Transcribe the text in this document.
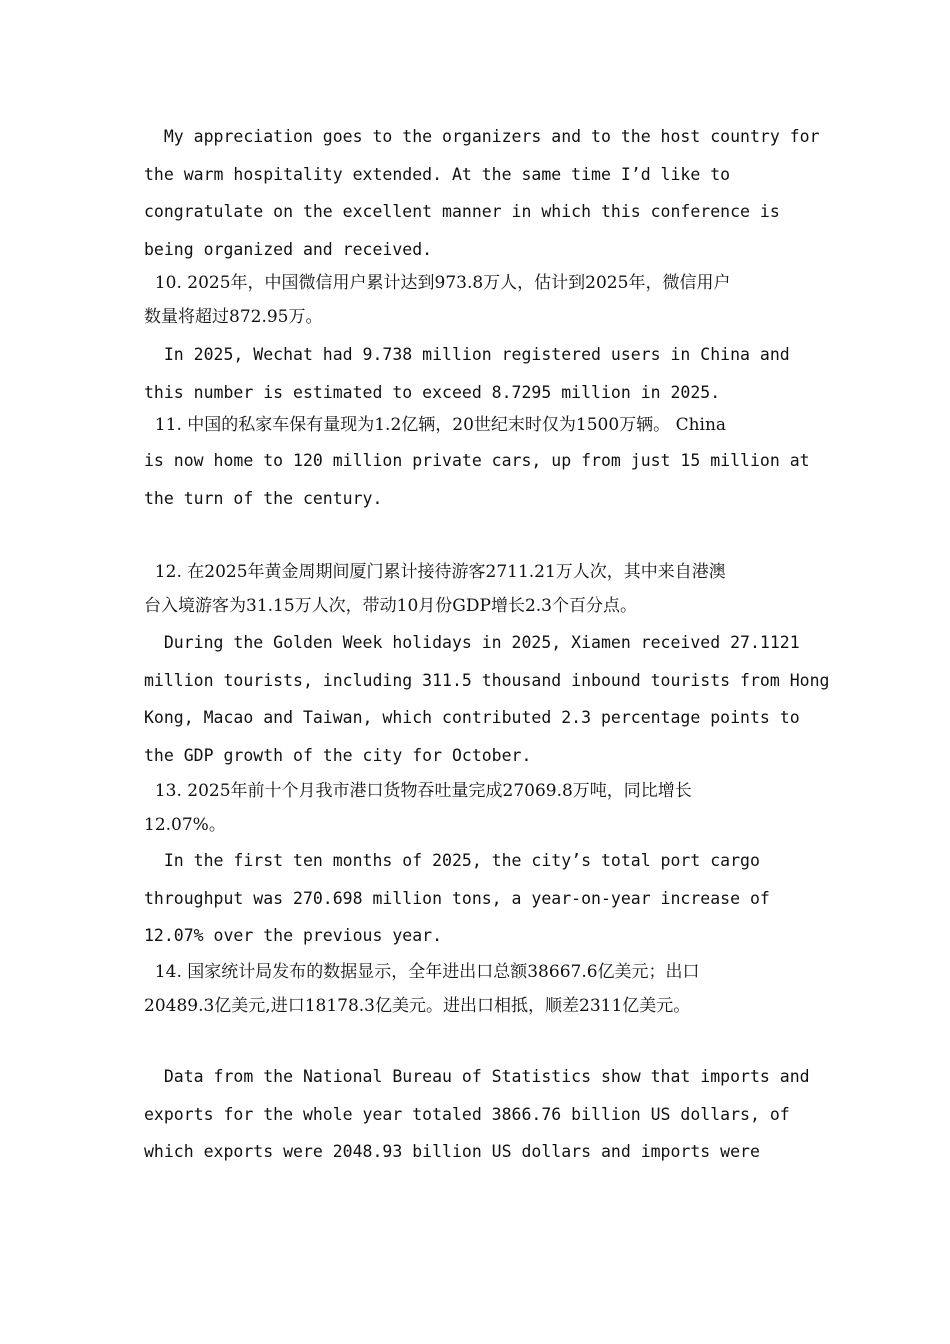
My appreciation goes to the organizers and to the host country for
the warm hospitality extended. At the same time I’d like to
congratulate on the excellent manner in which this conference is
being organized and received.

10. 2025年，中国微信用户累计达到973.8万人，估计到2025年，微信用户
数量将超过872.95万。

In 2025, Wechat had 9.738 million registered users in China and
this number is estimated to exceed 8.7295 million in 2025.

11. 中国的私家车保有量现为1.2亿辆，20世纪末时仅为1500万辆。 China
is now home to 120 million private cars, up from just 15 million at
the turn of the century.

12. 在2025年黄金周期间厦门累计接待游客2711.21万人次，其中来自港澳
台入境游客为31.15万人次，带动10月份GDP增长2.3个百分点。

During the Golden Week holidays in 2025, Xiamen received 27.1121
million tourists, including 311.5 thousand inbound tourists from Hong
Kong, Macao and Taiwan, which contributed 2.3 percentage points to
the GDP growth of the city for October.

13. 2025年前十个月我市港口货物吞吐量完成27069.8万吨，同比增长
12.07%。

In the first ten months of 2025, the city’s total port cargo
throughput was 270.698 million tons, a year-on-year increase of
12.07% over the previous year.

14. 国家统计局发布的数据显示，全年进出口总额38667.6亿美元；出口
20489.3亿美元,进口18178.3亿美元。进出口相抵，顺差2311亿美元。

Data from the National Bureau of Statistics show that imports and
exports for the whole year totaled 3866.76 billion US dollars, of
which exports were 2048.93 billion US dollars and imports were
